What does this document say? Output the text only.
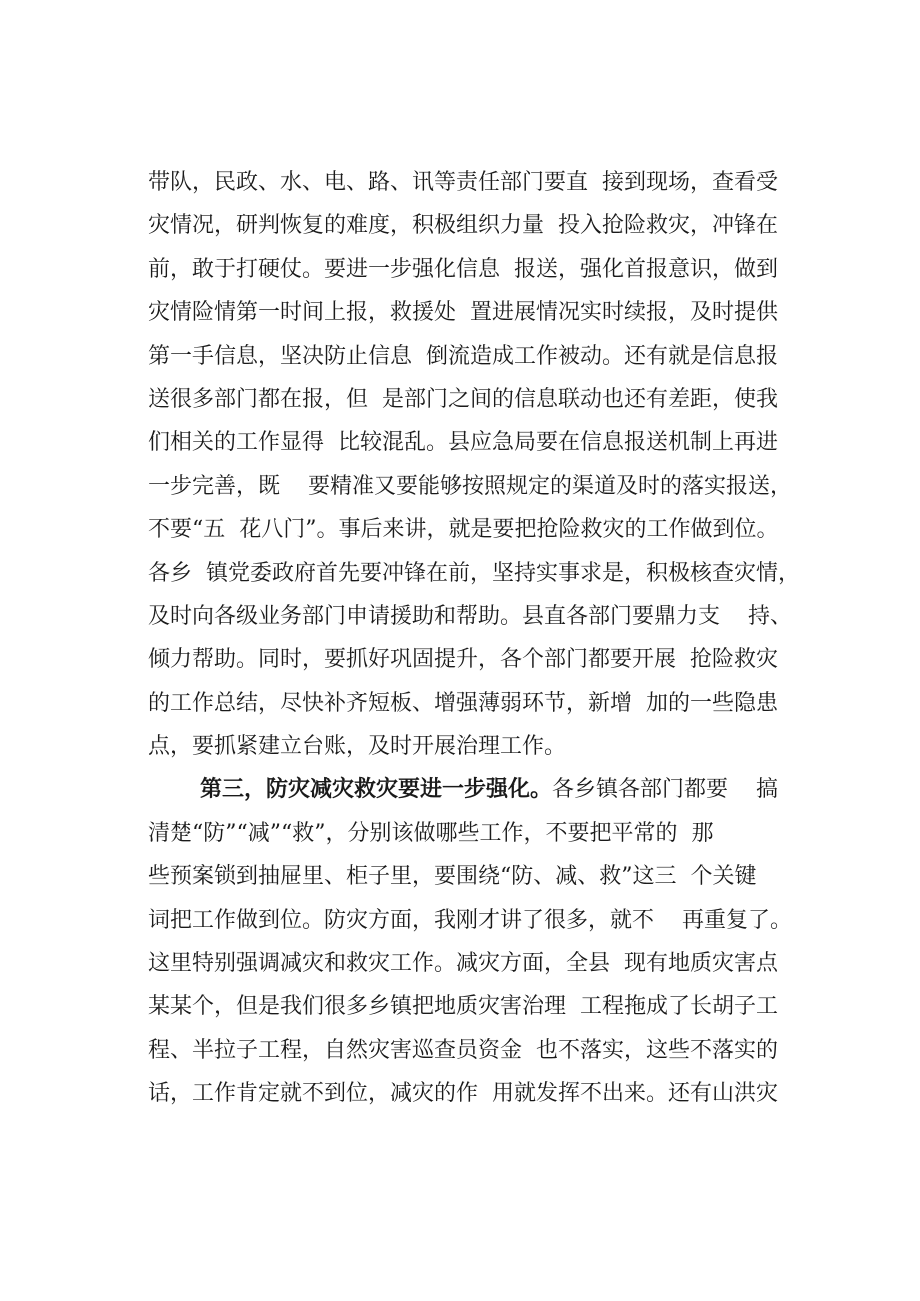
带队，民政、水、电、路、讯等责任部门要直  接到现场，查看受
灾情况，研判恢复的难度，积极组织力量  投入抢险救灾，冲锋在
前，敢于打硬仗。要进一步强化信息  报送，强化首报意识，做到
灾情险情第一时间上报，救援处  置进展情况实时续报，及时提供
第一手信息，坚决防止信息  倒流造成工作被动。还有就是信息报
送很多部门都在报，但  是部门之间的信息联动也还有差距，使我
们相关的工作显得  比较混乱。县应急局要在信息报送机制上再进
一步完善，既    要精准又要能够按照规定的渠道及时的落实报送，
不要“五  花八门”。事后来讲，就是要把抢险救灾的工作做到位。
各乡  镇党委政府首先要冲锋在前，坚持实事求是，积极核查灾情，
及时向各级业务部门申请援助和帮助。县直各部门要鼎力支    持、
倾力帮助。同时，要抓好巩固提升，各个部门都要开展  抢险救灾
的工作总结，尽快补齐短板、增强薄弱环节，新增  加的一些隐患
点，要抓紧建立台账，及时开展治理工作。
第三，防灾减灾救灾要进一步强化。各乡镇各部门都要    搞
清楚“防”“减”“救”，分别该做哪些工作，不要把平常的  那
些预案锁到抽屉里、柜子里，要围绕“防、减、救”这三  个关键
词把工作做到位。防灾方面，我刚才讲了很多，就不    再重复了。
这里特别强调减灾和救灾工作。减灾方面，全县  现有地质灾害点
某某个，但是我们很多乡镇把地质灾害治理  工程拖成了长胡子工
程、半拉子工程，自然灾害巡查员资金  也不落实，这些不落实的
话，工作肯定就不到位，减灾的作  用就发挥不出来。还有山洪灾
